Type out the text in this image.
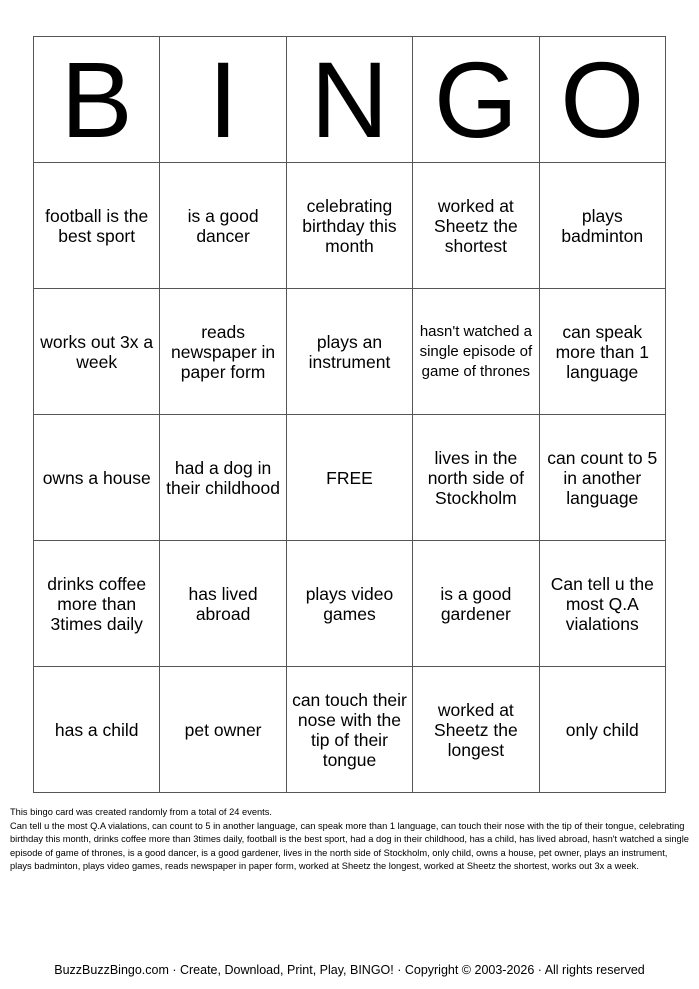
B	I	N	G	O

football is the best sport	is a good dancer	celebrating birthday this month	worked at Sheetz the shortest	plays badminton

works out 3x a week	reads newspaper in paper form	plays an instrument	hasn't watched a single episode of game of thrones	can speak more than 1 language

owns a house	had a dog in their childhood	FREE	lives in the north side of Stockholm	can count to 5 in another language

drinks coffee more than 3times daily	has lived abroad	plays video games	is a good gardener	Can tell u the most Q.A vialations

has a child	pet owner	can touch their nose with the tip of their tongue	worked at Sheetz the longest	only child
This bingo card was created randomly from a total of 24 events.
Can tell u the most Q.A vialations, can count to 5 in another language, can speak more than 1 language, can touch their nose with the tip of their tongue, celebrating birthday this month, drinks coffee more than 3times daily, football is the best sport, had a dog in their childhood, has a child, has lived abroad, hasn't watched a single episode of game of thrones, is a good dancer, is a good gardener, lives in the north side of Stockholm, only child, owns a house, pet owner, plays an instrument, plays badminton, plays video games, reads newspaper in paper form, worked at Sheetz the longest, worked at Sheetz the shortest, works out 3x a week.
BuzzBuzzBingo.com · Create, Download, Print, Play, BINGO! · Copyright © 2003-2026 · All rights reserved
